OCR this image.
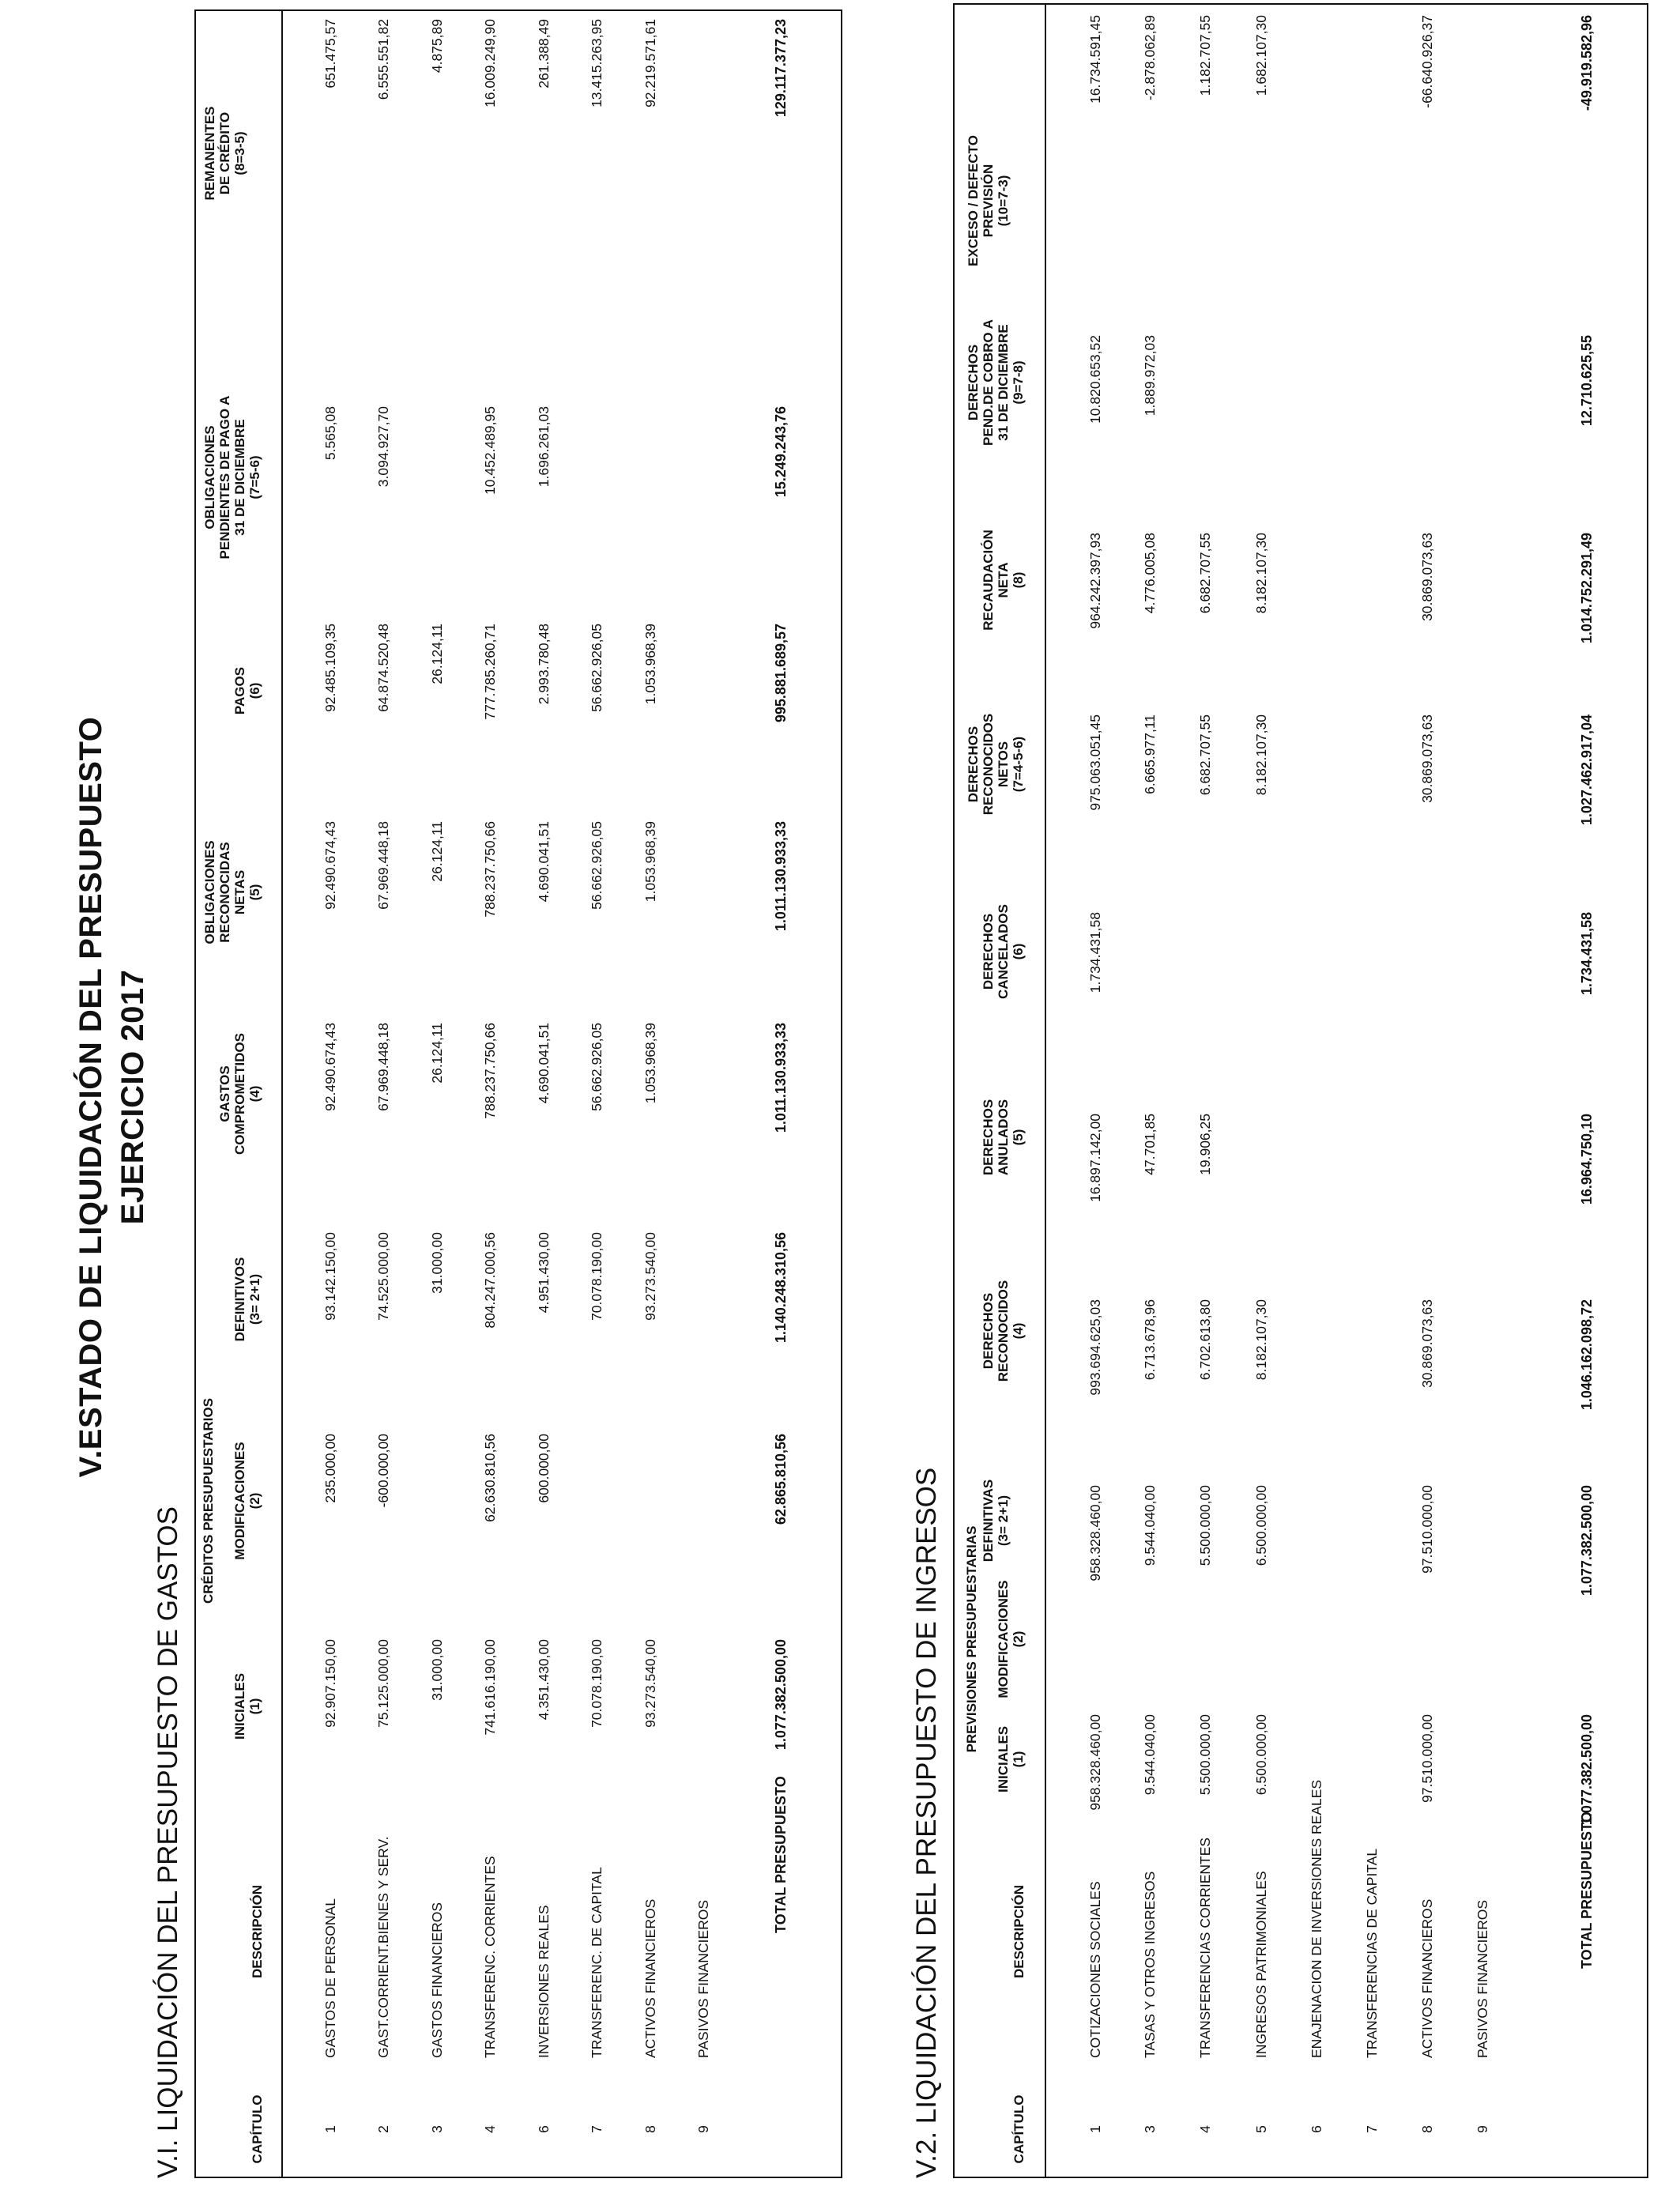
V.ESTADO DE LIQUIDACIÓN DEL PRESUPUESTO EJERCICIO 2017
V.I. LIQUIDACIÓN DEL PRESUPUESTO DE GASTOS	CAPÍTULO
DESCRIPCIÓN
INICIALES
(1)
MODIFICACIONES
(2)
DEFINITIVOS
(3= 2+1)
GASTOS
COMPROMETIDOS
(4)
OBLIGACIONES
RECONOCIDAS
NETAS
(5)
PAGOS
(6)
OBLIGACIONES
PENDIENTES DE PAGO A
31 DE DICIEMBRE
(7=5-6)
REMANENTES
DE CRÉDITO
(8=3-5)
CRÉDITOS PRESUPUESTARIOS
1
GASTOS DE PERSONAL
92.907.150,00
235.000,00
93.142.150,00
92.490.674,43
92.490.674,43
92.485.109,35
5.565,08
651.475,57
2
GAST.CORRIENT.BIENES Y SERV.
75.125.000,00
-600.000,00
74.525.000,00
67.969.448,18
67.969.448,18
64.874.520,48
3.094.927,70
6.555.551,82
3
GASTOS FINANCIEROS
31.000,00
31.000,00
26.124,11
26.124,11
26.124,11
4.875,89
4
TRANSFERENC. CORRIENTES
741.616.190,00
62.630.810,56
804.247.000,56
788.237.750,66
788.237.750,66
777.785.260,71
10.452.489,95
16.009.249,90
6
INVERSIONES REALES
4.351.430,00
600.000,00
4.951.430,00
4.690.041,51
4.690.041,51
2.993.780,48
1.696.261,03
261.388,49
7
TRANSFERENC. DE CAPITAL
70.078.190,00
70.078.190,00
56.662.926,05
56.662.926,05
56.662.926,05
13.415.263,95
8
ACTIVOS FINANCIEROS
93.273.540,00
93.273.540,00
1.053.968,39
1.053.968,39
1.053.968,39
92.219.571,61
9
PASIVOS FINANCIEROS
TOTAL PRESUPUESTO
1.077.382.500,00
62.865.810,56
1.140.248.310,56
1.011.130.933,33
1.011.130.933,33
995.881.689,57
15.249.243,76
129.117.377,23
V.2. LIQUIDACIÓN DEL PRESUPUESTO DE INGRESOS	CAPÍTULO
DESCRIPCIÓN
INICIALES
(1)
MODIFICACIONES
(2)
DEFINITIVAS
(3= 2+1)
DERECHOS
RECONOCIDOS
(4)
DERECHOS
ANULADOS
(5)
DERECHOS
CANCELADOS
(6)
DERECHOS
RECONOCIDOS
NETOS
(7=4-5-6)
RECAUDACIÓN
NETA
(8)
DERECHOS
PEND.DE COBRO A
31 DE DICIEMBRE
(9=7-8)
EXCESO / DEFECTO
PREVISIÓN
(10=7-3)
PREVISIONES PRESUPUESTARIAS
1
COTIZACIONES SOCIALES
958.328.460,00
958.328.460,00
993.694.625,03
16.897.142,00
1.734.431,58
975.063.051,45
964.242.397,93
10.820.653,52
16.734.591,45
3
TASAS Y OTROS INGRESOS
9.544.040,00
9.544.040,00
6.713.678,96
47.701,85
6.665.977,11
4.776.005,08
1.889.972,03
-2.878.062,89
4
TRANSFERENCIAS CORRIENTES
5.500.000,00
5.500.000,00
6.702.613,80
19.906,25
6.682.707,55
6.682.707,55
1.182.707,55
5
INGRESOS PATRIMONIALES
6.500.000,00
6.500.000,00
8.182.107,30
8.182.107,30
8.182.107,30
1.682.107,30
6
ENAJENACION DE INVERSIONES REALES
7
TRANSFERENCIAS DE CAPITAL
8
ACTIVOS FINANCIEROS
97.510.000,00
97.510.000,00
30.869.073,63
30.869.073,63
30.869.073,63
-66.640.926,37
9
PASIVOS FINANCIEROS
TOTAL PRESUPUESTO
1.077.382.500,00
1.077.382.500,00
1.046.162.098,72
16.964.750,10
1.734.431,58
1.027.462.917,04
1.014.752.291,49
12.710.625,55
-49.919.582,96
